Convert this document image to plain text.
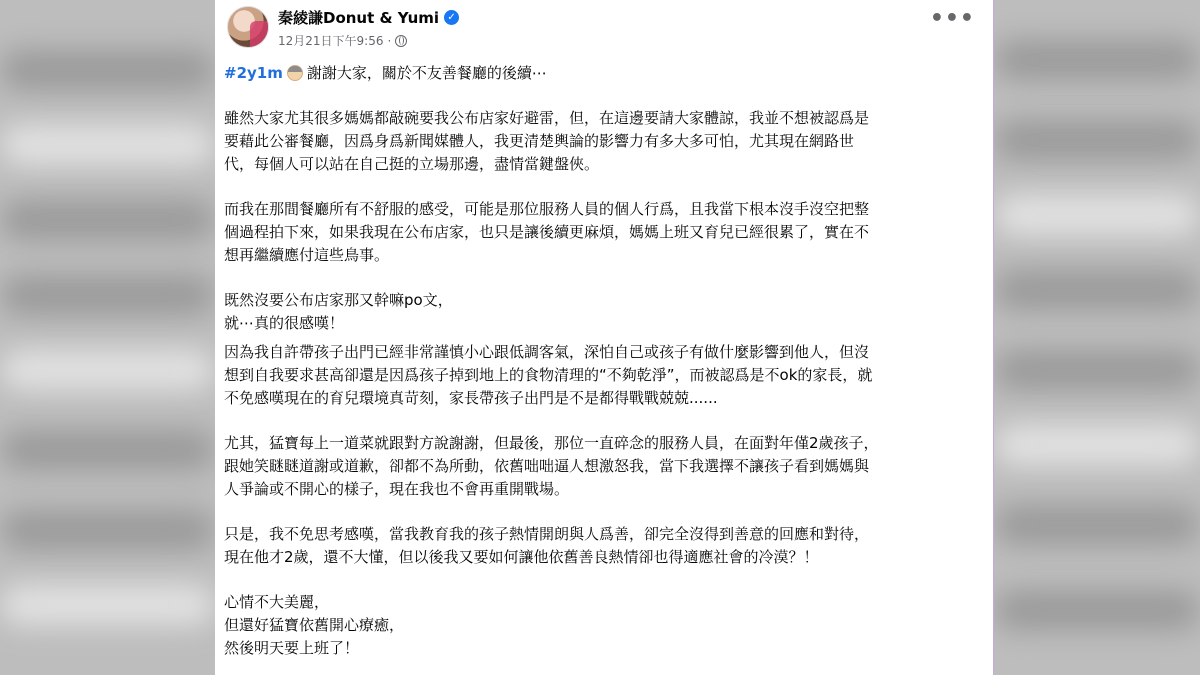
秦綾謙Donut & Yumi ✓
12月21日下午9:56 ·
•••

#2y1m 謝謝大家，關於不友善餐廳的後續⋯

雖然大家尤其很多媽媽都敲碗要我公布店家好避雷，但，在這邊要請大家體諒，我並不想被認爲是
要藉此公審餐廳，因爲身爲新聞媒體人，我更清楚輿論的影響力有多大多可怕，尤其現在網路世
代，每個人可以站在自己挺的立場那邊，盡情當鍵盤俠。

而我在那間餐廳所有不舒服的感受，可能是那位服務人員的個人行爲，且我當下根本沒手沒空把整
個過程拍下來，如果我現在公布店家，也只是讓後續更麻煩，媽媽上班又育兒已經很累了，實在不
想再繼續應付這些鳥事。

既然沒要公布店家那又幹嘛po文，
就⋯真的很感嘆！

因為我自許帶孩子出門已經非常謹慎小心跟低調客氣，深怕自己或孩子有做什麼影響到他人，但沒
想到自我要求甚高卻還是因爲孩子掉到地上的食物清理的“不夠乾淨”，而被認爲是不ok的家長，就
不免感嘆現在的育兒環境真苛刻，家長帶孩子出門是不是都得戰戰兢兢......

尤其，猛寶每上一道菜就跟對方說謝謝，但最後，那位一直碎念的服務人員，在面對年僅2歲孩子，
跟她笑瞇瞇道謝或道歉，卻都不為所動，依舊咄咄逼人想激怒我，當下我選擇不讓孩子看到媽媽與
人爭論或不開心的樣子，現在我也不會再重開戰場。

只是，我不免思考感嘆，當我教育我的孩子熱情開朗與人爲善，卻完全沒得到善意的回應和對待，
現在他才2歲，還不大懂，但以後我又要如何讓他依舊善良熱情卻也得適應社會的冷漠？！

心情不大美麗，
但還好猛寶依舊開心療癒，
然後明天要上班了！
